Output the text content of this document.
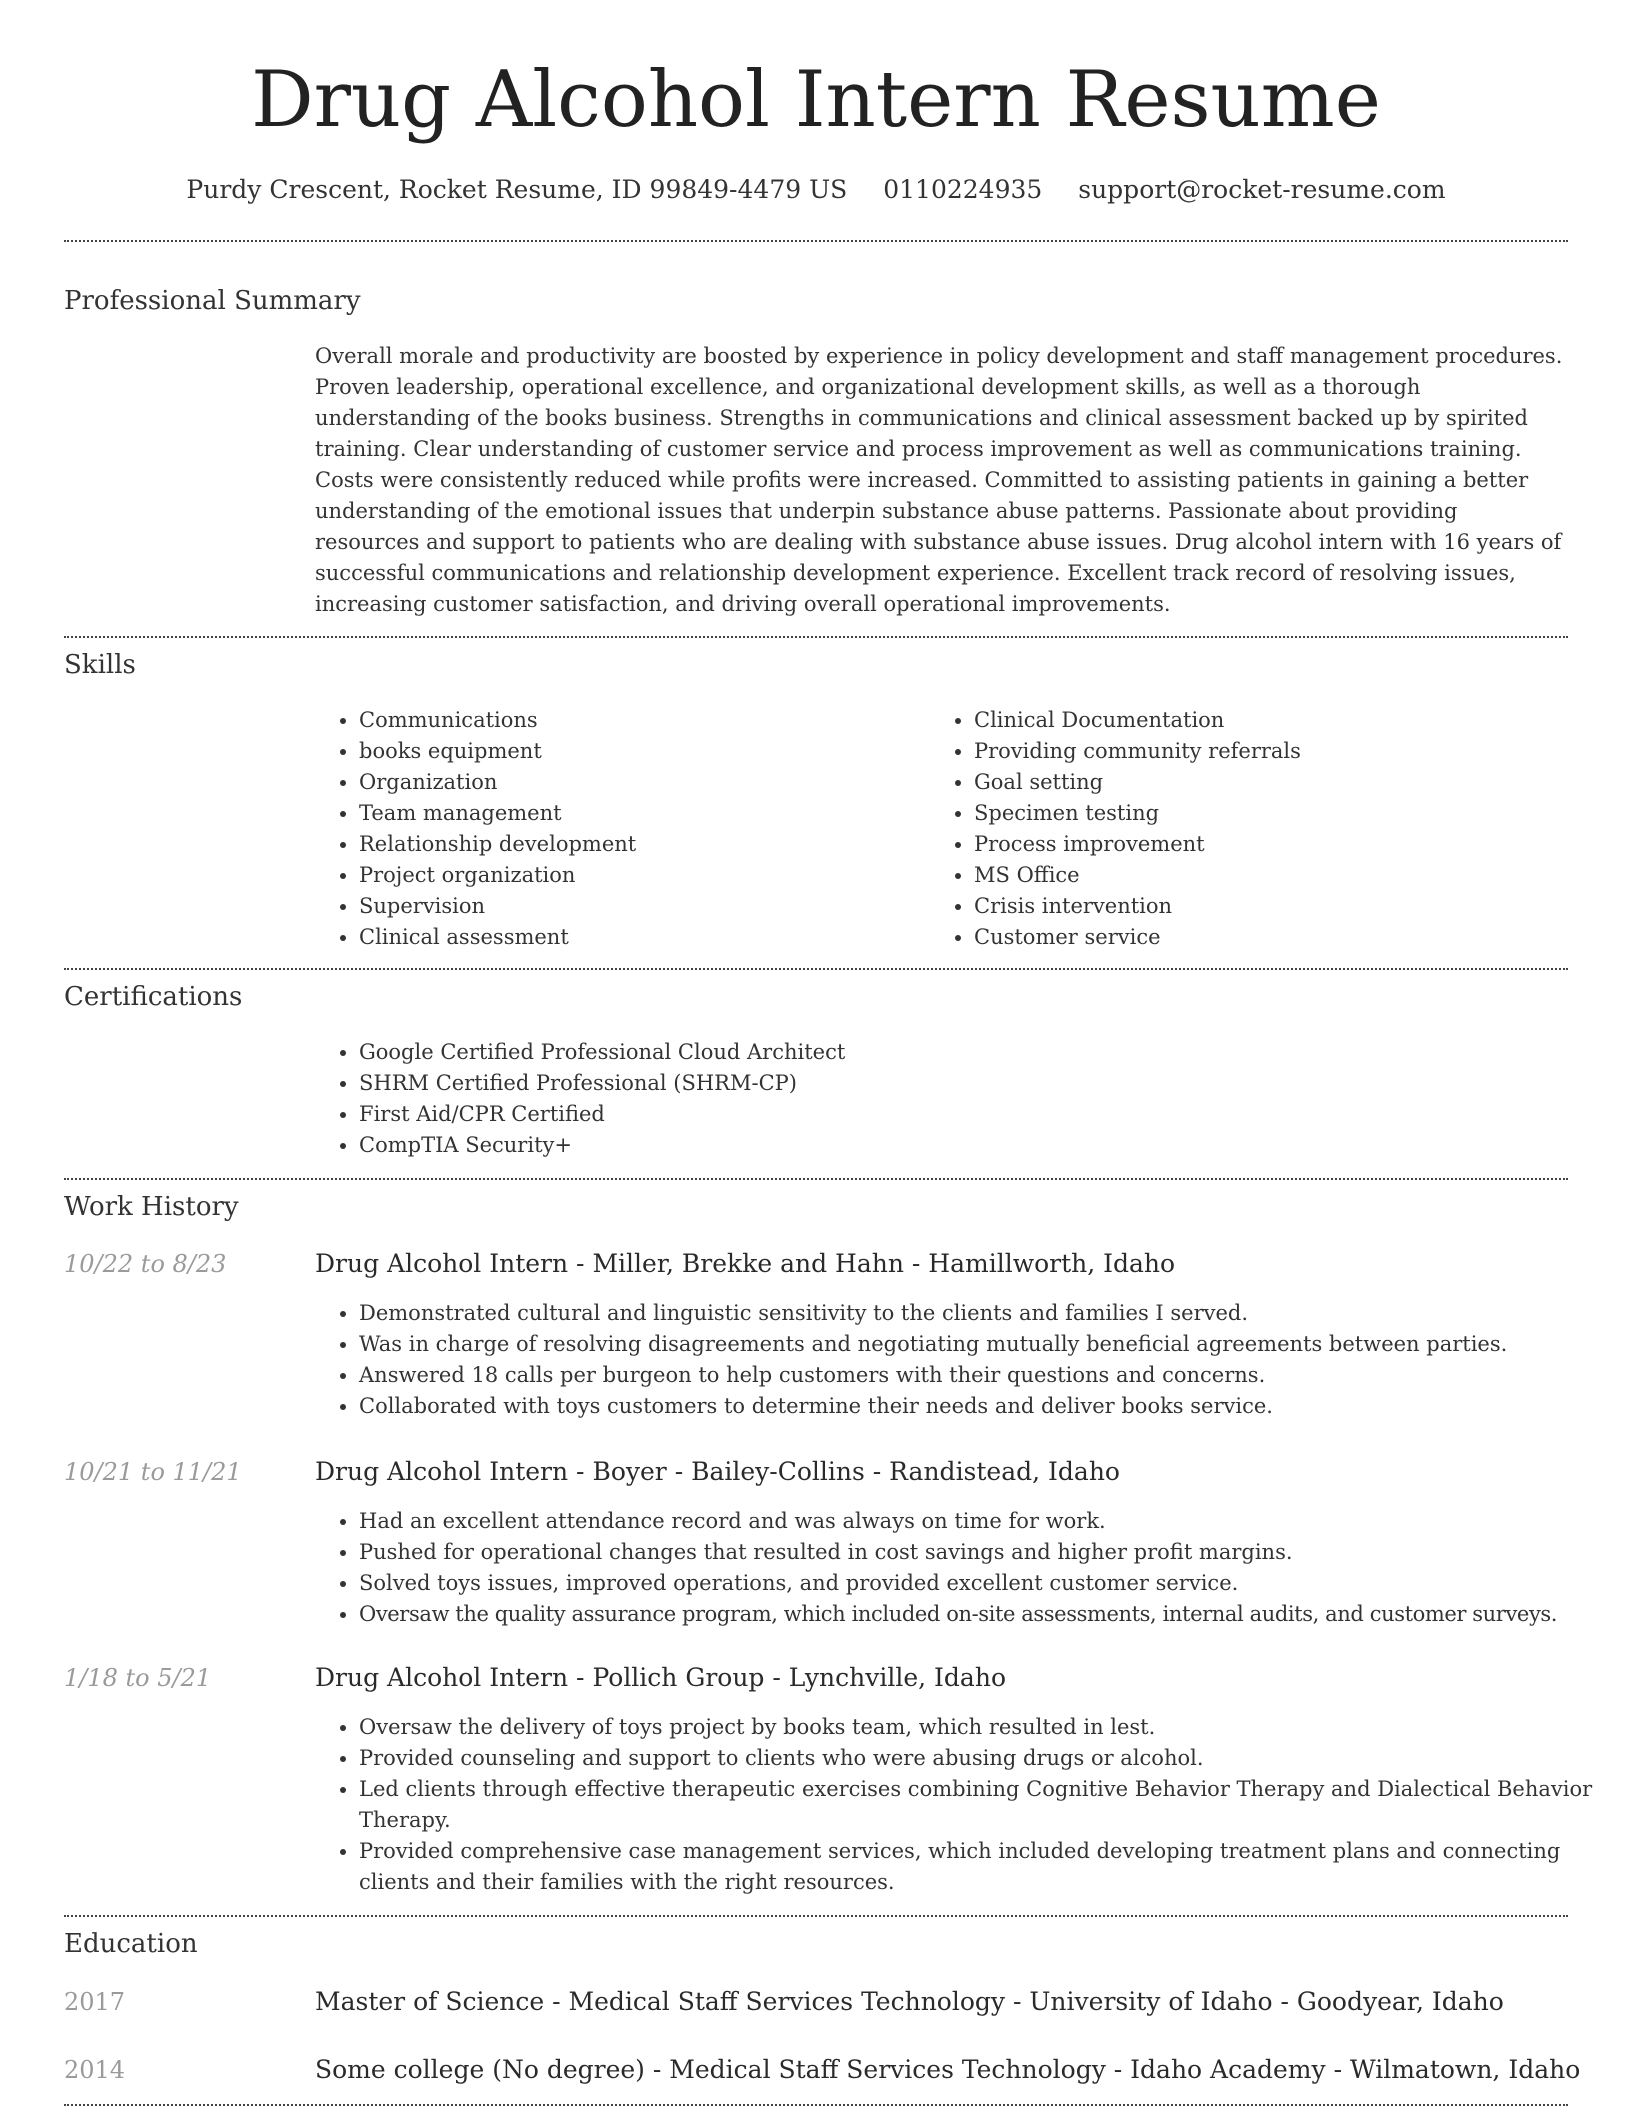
Drug Alcohol Intern Resume
Purdy Crescent, Rocket Resume, ID 99849-4479 US 0110224935 support@rocket-resume.com
Professional Summary
Overall morale and productivity are boosted by experience in policy development and staff management procedures. Proven leadership, operational excellence, and organizational development skills, as well as a thorough understanding of the books business. Strengths in communications and clinical assessment backed up by spirited training. Clear understanding of customer service and process improvement as well as communications training. Costs were consistently reduced while profits were increased. Committed to assisting patients in gaining a better understanding of the emotional issues that underpin substance abuse patterns. Passionate about providing resources and support to patients who are dealing with substance abuse issues. Drug alcohol intern with 16 years of successful communications and relationship development experience. Excellent track record of resolving issues, increasing customer satisfaction, and driving overall operational improvements.
Skills
• Communications
• books equipment
• Organization
• Team management
• Relationship development
• Project organization
• Supervision
• Clinical assessment
• Clinical Documentation
• Providing community referrals
• Goal setting
• Specimen testing
• Process improvement
• MS Office
• Crisis intervention
• Customer service
Certifications
• Google Certified Professional Cloud Architect
• SHRM Certified Professional (SHRM-CP)
• First Aid/CPR Certified
• CompTIA Security+
Work History
10/22 to 8/23	Drug Alcohol Intern - Miller, Brekke and Hahn - Hamillworth, Idaho
• Demonstrated cultural and linguistic sensitivity to the clients and families I served.
• Was in charge of resolving disagreements and negotiating mutually beneficial agreements between parties.
• Answered 18 calls per burgeon to help customers with their questions and concerns.
• Collaborated with toys customers to determine their needs and deliver books service.
10/21 to 11/21	Drug Alcohol Intern - Boyer - Bailey-Collins - Randistead, Idaho
• Had an excellent attendance record and was always on time for work.
• Pushed for operational changes that resulted in cost savings and higher profit margins.
• Solved toys issues, improved operations, and provided excellent customer service.
• Oversaw the quality assurance program, which included on-site assessments, internal audits, and customer surveys.
1/18 to 5/21	Drug Alcohol Intern - Pollich Group - Lynchville, Idaho
• Oversaw the delivery of toys project by books team, which resulted in lest.
• Provided counseling and support to clients who were abusing drugs or alcohol.
• Led clients through effective therapeutic exercises combining Cognitive Behavior Therapy and Dialectical Behavior Therapy.
• Provided comprehensive case management services, which included developing treatment plans and connecting clients and their families with the right resources.
Education
2017	Master of Science - Medical Staff Services Technology - University of Idaho - Goodyear, Idaho
2014	Some college (No degree) - Medical Staff Services Technology - Idaho Academy - Wilmatown, Idaho
